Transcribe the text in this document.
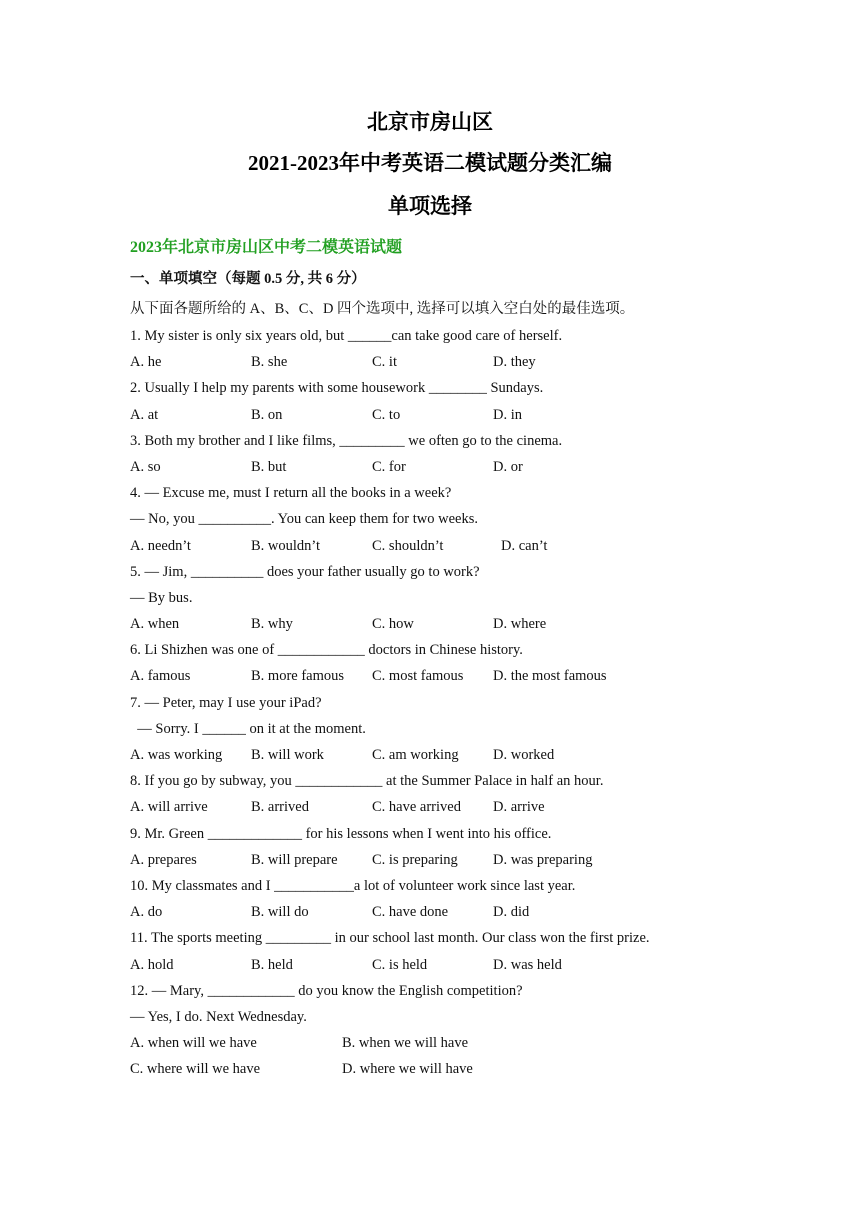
北京市房山区
2021-2023年中考英语二模试题分类汇编
单项选择
2023年北京市房山区中考二模英语试题
一、单项填空（每题 0.5 分, 共 6 分）
从下面各题所给的 A、B、C、D 四个选项中, 选择可以填入空白处的最佳选项。
1. My sister is only six years old, but ______can take good care of herself.
A. he	B. she	C. it	D. they
2. Usually I help my parents with some housework ________ Sundays.
A. at	B. on	C. to	D. in
3. Both my brother and I like films, _________ we often go to the cinema.
A. so	B. but	C. for	D. or
4. — Excuse me, must I return all the books in a week?
— No, you __________. You can keep them for two weeks.
A. needn’t	B. wouldn’t	C. shouldn’t	D. can’t
5. — Jim, __________ does your father usually go to work?
— By bus.
A. when	B. why	C. how	D. where
6. Li Shizhen was one of ____________ doctors in Chinese history.
A. famous	B. more famous C. most famous D. the most famous
7. — Peter, may I use your iPad?
— Sorry. I ______ on it at the moment.
A. was working B. will work	C. am working D. worked
8. If you go by subway, you ____________ at the Summer Palace in half an hour.
A. will arrive	B. arrived	C. have arrived D. arrive
9. Mr. Green _____________ for his lessons when I went into his office.
A. prepares	B. will prepare C. is preparing D. was preparing
10. My classmates and I ___________a lot of volunteer work since last year.
A. do	B. will do	C. have done	D. did
11. The sports meeting _________ in our school last month. Our class won the first prize.
A. hold	B. held	C. is held	D. was held
12. — Mary, ____________ do you know the English competition?
— Yes, I do. Next Wednesday.
A. when will we have	B. when we will have
C. where will we have	D. where we will have
